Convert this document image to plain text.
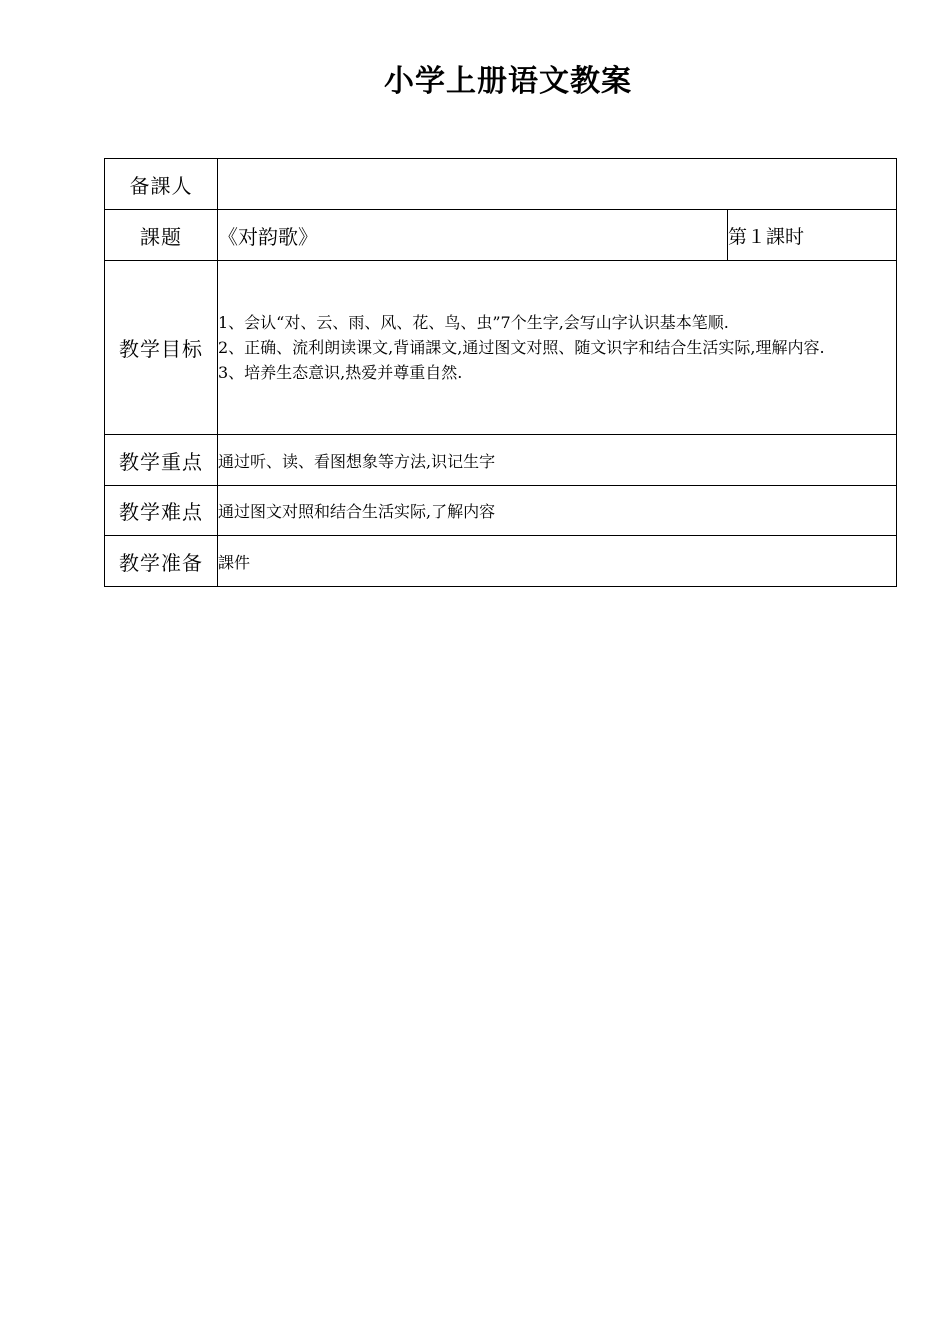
小学上册语文教案
备課人		
課题	《对韵歌》	第１課时
教学目标	1、会认“对、云、雨、风、花、鸟、虫”7个生字,会写山字认识基本笔顺.
2、正确、流利朗读课文,背诵課文,通过图文对照、随文识字和结合生活实际,理解内容.
3、培养生态意识,热爱并尊重自然.	

教学重点	通过听、读、看图想象等方法,识记生字	
教学难点	通过图文对照和结合生活实际,了解内容	
教学准备	課件	
